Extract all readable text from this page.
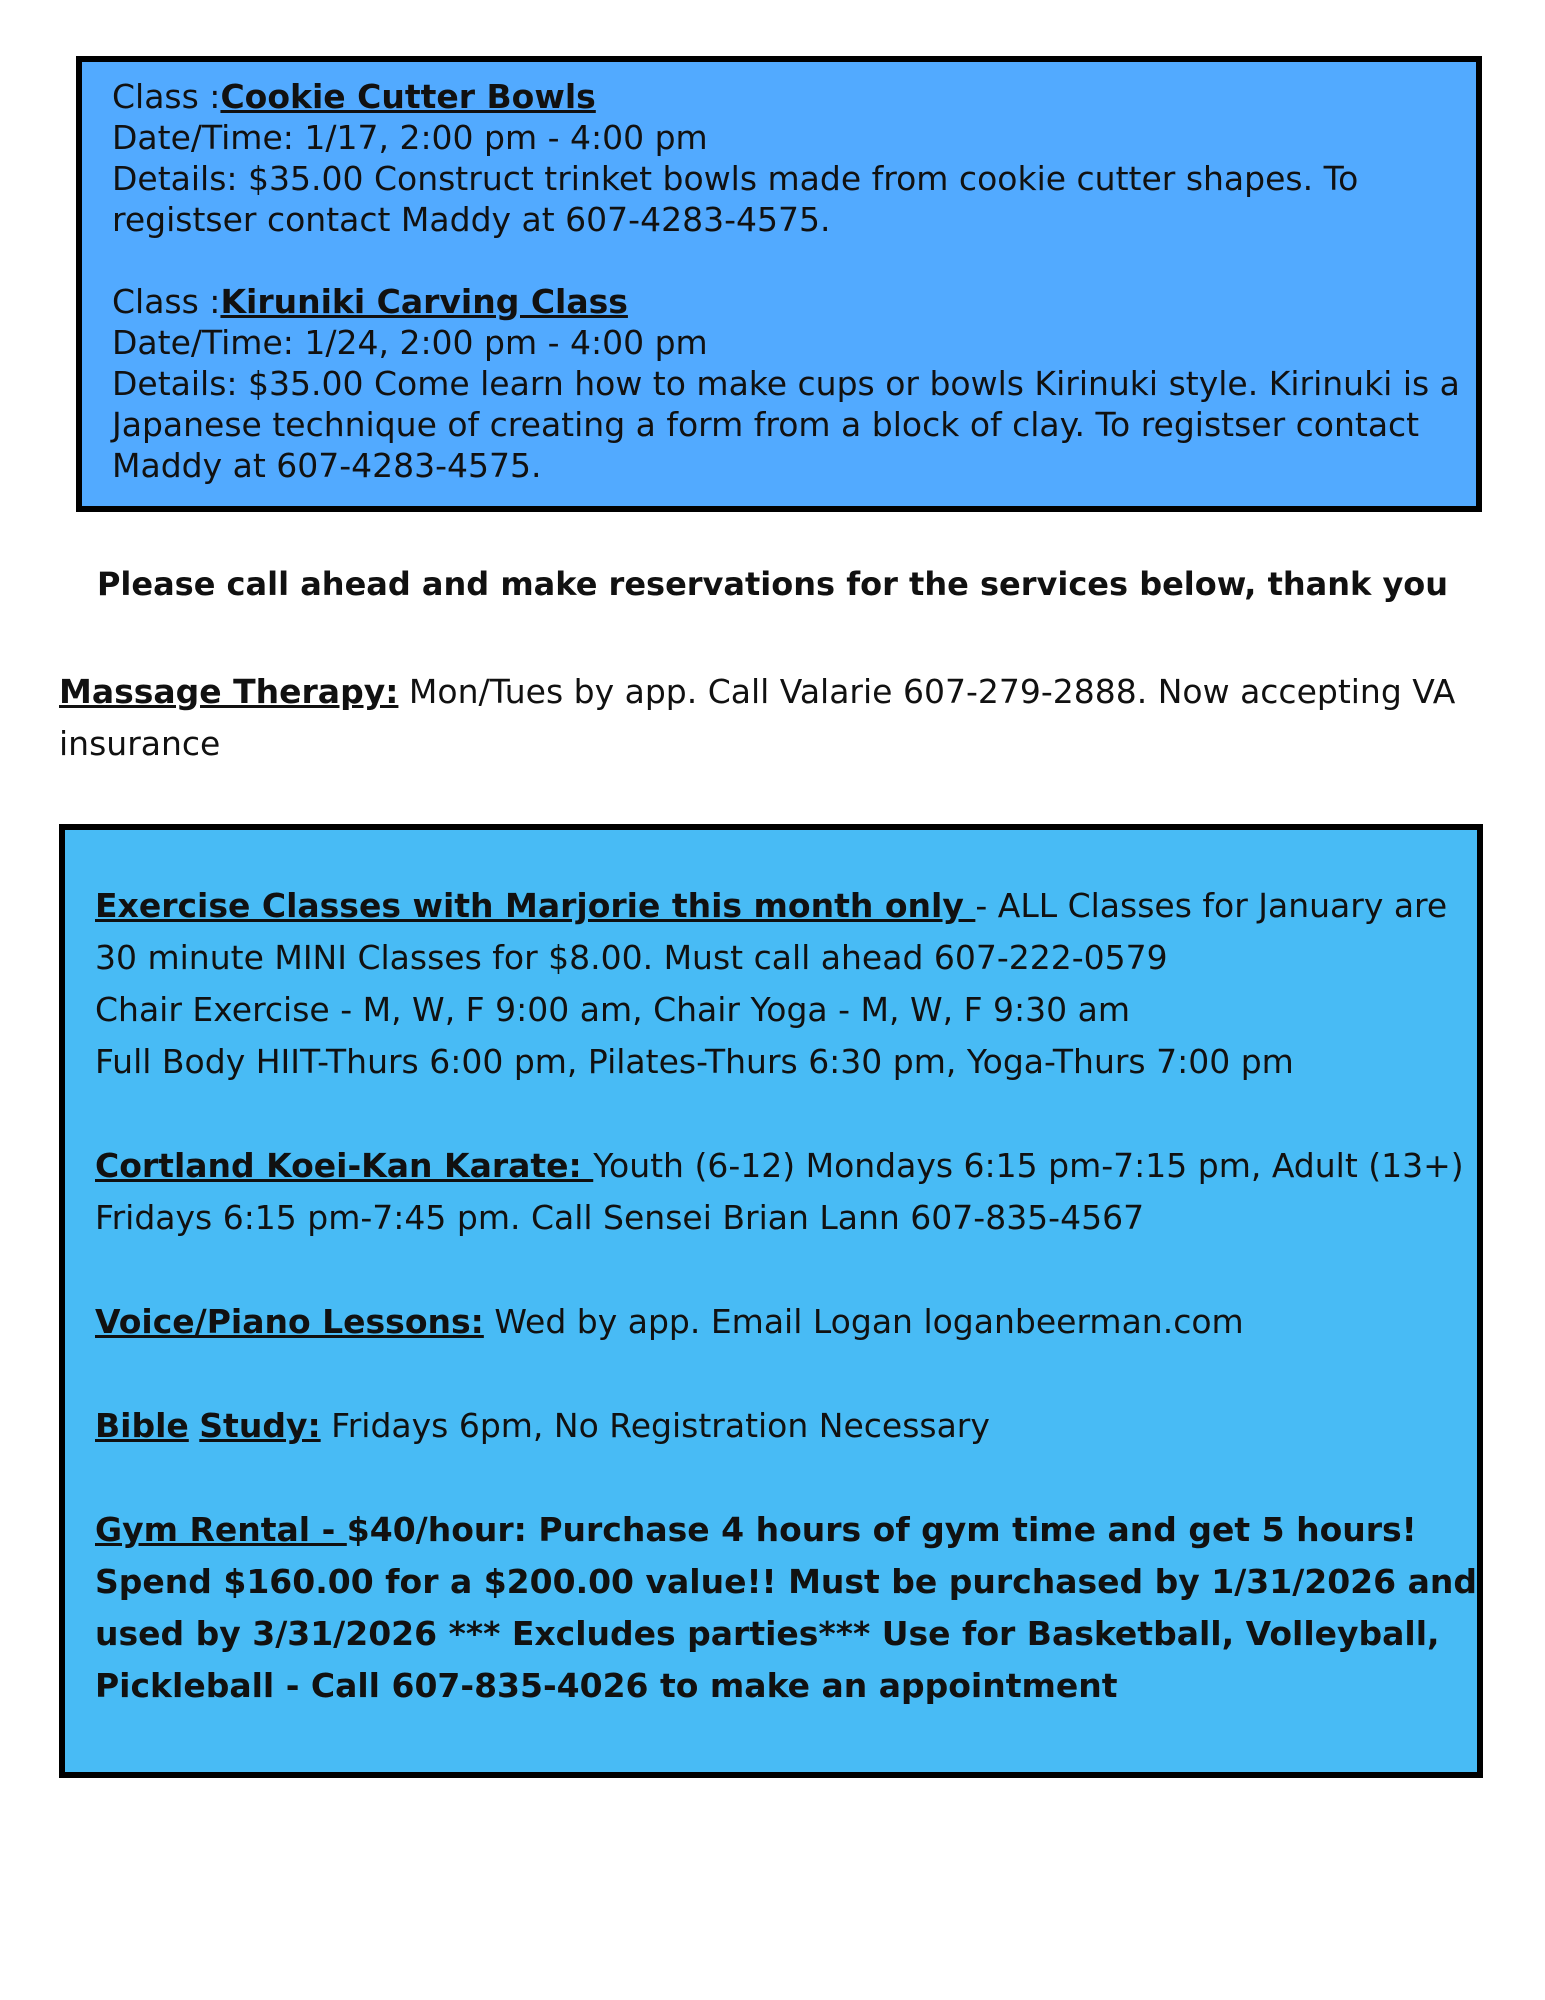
Class :Cookie Cutter Bowls
Date/Time: 1/17, 2:00 pm - 4:00 pm
Details: $35.00 Construct trinket bowls made from cookie cutter shapes. To
registser contact Maddy at 607-4283-4575.
Class :Kiruniki Carving Class
Date/Time: 1/24, 2:00 pm - 4:00 pm
Details: $35.00 Come learn how to make cups or bowls Kirinuki style. Kirinuki is a
Japanese technique of creating a form from a block of clay. To registser contact
Maddy at 607-4283-4575.
Please call ahead and make reservations for the services below, thank you
Massage Therapy: Mon/Tues by app. Call Valarie 607-279-2888. Now accepting VA
insurance
Exercise Classes with Marjorie this month only - ALL Classes for January are
30 minute MINI Classes for $8.00. Must call ahead 607-222-0579
Chair Exercise - M, W, F 9:00 am, Chair Yoga - M, W, F 9:30 am
Full Body HIIT-Thurs 6:00 pm, Pilates-Thurs 6:30 pm, Yoga-Thurs 7:00 pm
Cortland Koei-Kan Karate: Youth (6-12) Mondays 6:15 pm-7:15 pm, Adult (13+)
Fridays 6:15 pm-7:45 pm. Call Sensei Brian Lann 607-835-4567
Voice/Piano Lessons: Wed by app. Email Logan loganbeerman.com
Bible Study: Fridays 6pm, No Registration Necessary
Gym Rental - $40/hour: Purchase 4 hours of gym time and get 5 hours!
Spend $160.00 for a $200.00 value!! Must be purchased by 1/31/2026 and
used by 3/31/2026 *** Excludes parties*** Use for Basketball, Volleyball,
Pickleball - Call 607-835-4026 to make an appointment
